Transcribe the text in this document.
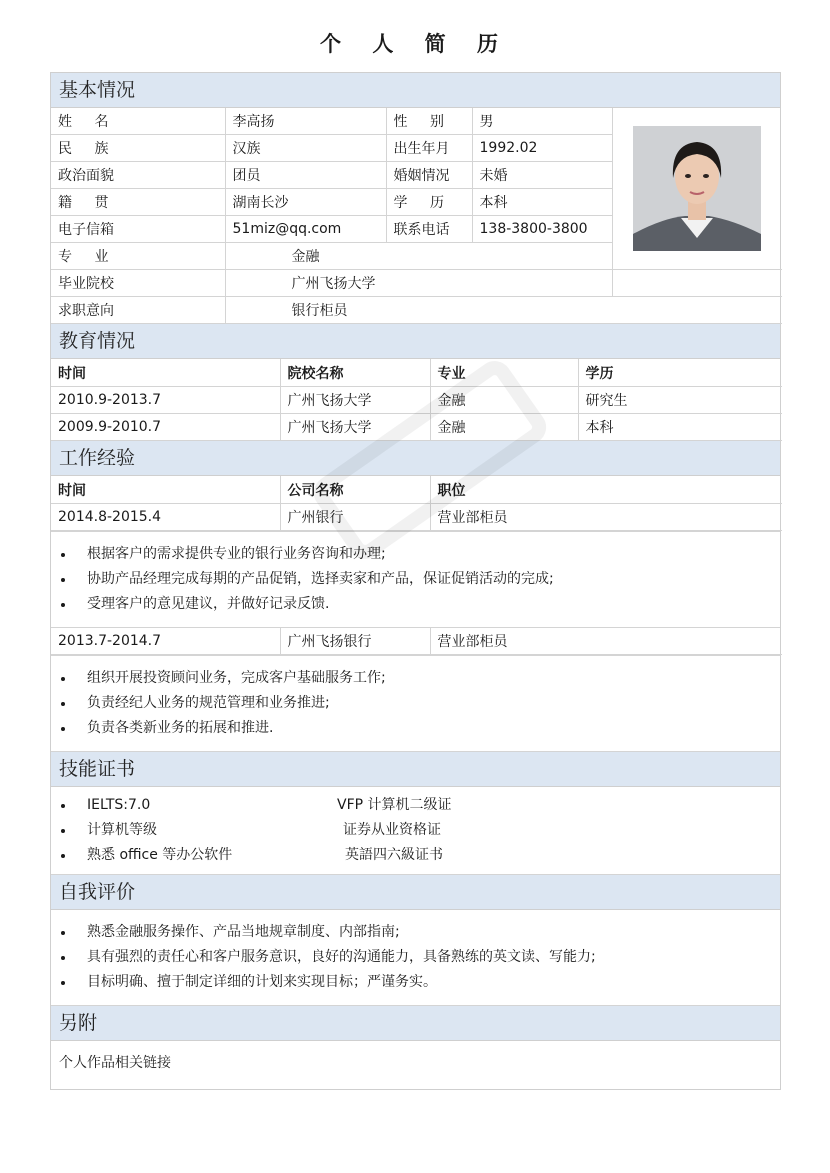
个 人 简 历
基本情况
姓 名	李高扬	性 别	男	

民 族	汉族	出生年月	1992.02	
政治面貌	团员	婚姻情况	未婚	
籍 贯	湖南长沙	学 历	本科	
电子信箱	51miz@qq.com	联系电话	138-3800-3800	
专 业	金融			
毕业院校	广州飞扬大学			
求职意向	银行柜员			
教育情况
时间	院校名称	专业	学历
2010.9-2013.7	广州飞扬大学	金融	研究生
2009.9-2010.7	广州飞扬大学	金融	本科
工作经验
时间	公司名称	职位
2014.8-2015.4	广州银行	营业部柜员
根据客户的需求提供专业的银行业务咨询和办理;
协助产品经理完成每期的产品促销，选择卖家和产品，保证促销活动的完成;
受理客户的意见建议，并做好记录反馈.
2013.7-2014.7	广州飞扬银行	营业部柜员
组织开展投资顾问业务，完成客户基础服务工作;
负责经纪人业务的规范管理和业务推进;
负责各类新业务的拓展和推进.
技能证书
IELTS:7.0	VFP 计算机二级证
计算机等级	证券从业资格证
熟悉 office 等办公软件	英語四六級证书
自我评价
熟悉金融服务操作、产品当地规章制度、内部指南;
具有强烈的责任心和客户服务意识，良好的沟通能力，具备熟练的英文读、写能力;
目标明确、擅于制定详细的计划来实现目标；严谨务实。
另附
个人作品相关链接
